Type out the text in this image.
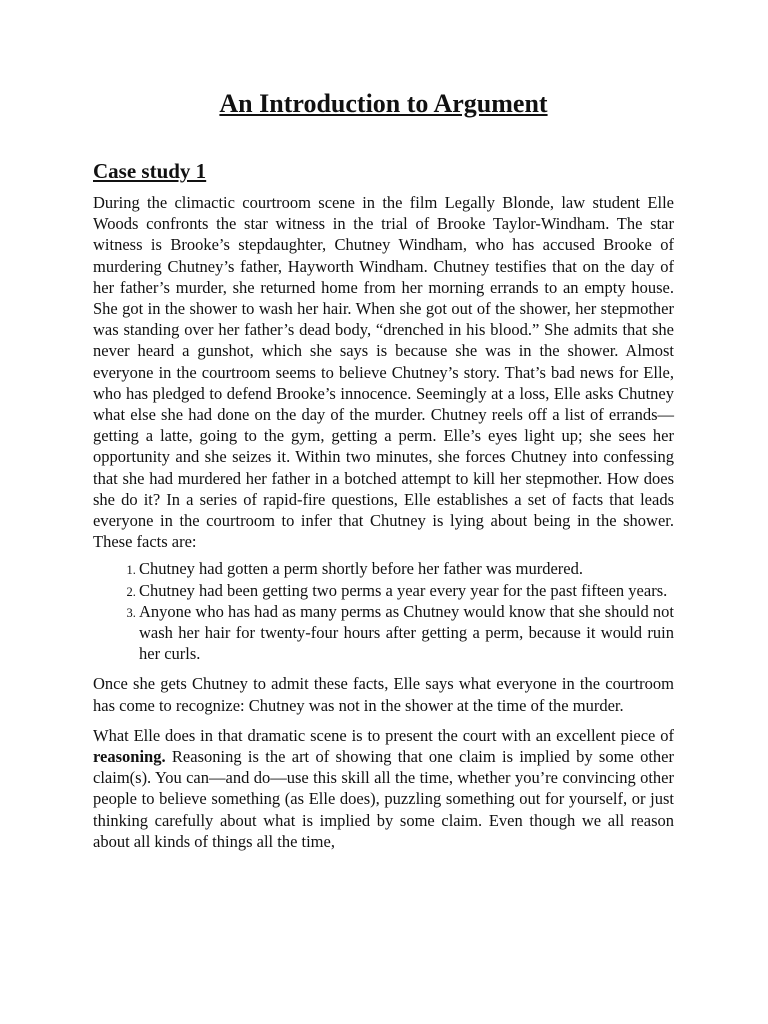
An Introduction to Argument
Case study 1

During the climactic courtroom scene in the film Legally Blonde, law student Elle Woods confronts the star witness in the trial of Brooke Taylor-Windham. The star witness is Brooke’s stepdaughter, Chutney Windham, who has accused Brooke of murdering Chutney’s father, Hayworth Windham. Chutney testifies that on the day of her father’s murder, she returned home from her morning errands to an empty house. She got in the shower to wash her hair. When she got out of the shower, her stepmother was standing over her father’s dead body, “drenched in his blood.” She admits that she never heard a gunshot, which she says is because she was in the shower. Almost everyone in the courtroom seems to believe Chutney’s story. That’s bad news for Elle, who has pledged to defend Brooke’s innocence. Seemingly at a loss, Elle asks Chutney what else she had done on the day of the murder. Chutney reels off a list of errands—getting a latte, going to the gym, getting a perm. Elle’s eyes light up; she sees her opportunity and she seizes it. Within two minutes, she forces Chutney into confessing that she had murdered her father in a botched attempt to kill her stepmother. How does she do it? In a series of rapid-fire questions, Elle establishes a set of facts that leads everyone in the courtroom to infer that Chutney is lying about being in the shower. These facts are:

1. Chutney had gotten a perm shortly before her father was murdered.
2. Chutney had been getting two perms a year every year for the past fifteen years.
3. Anyone who has had as many perms as Chutney would know that she should not wash her hair for twenty-four hours after getting a perm, because it would ruin her curls.

Once she gets Chutney to admit these facts, Elle says what everyone in the courtroom has come to recognize: Chutney was not in the shower at the time of the murder.

What Elle does in that dramatic scene is to present the court with an excellent piece of reasoning. Reasoning is the art of showing that one claim is implied by some other claim(s). You can—and do—use this skill all the time, whether you’re convincing other people to believe something (as Elle does), puzzling something out for yourself, or just thinking carefully about what is implied by some claim. Even though we all reason about all kinds of things all the time,
